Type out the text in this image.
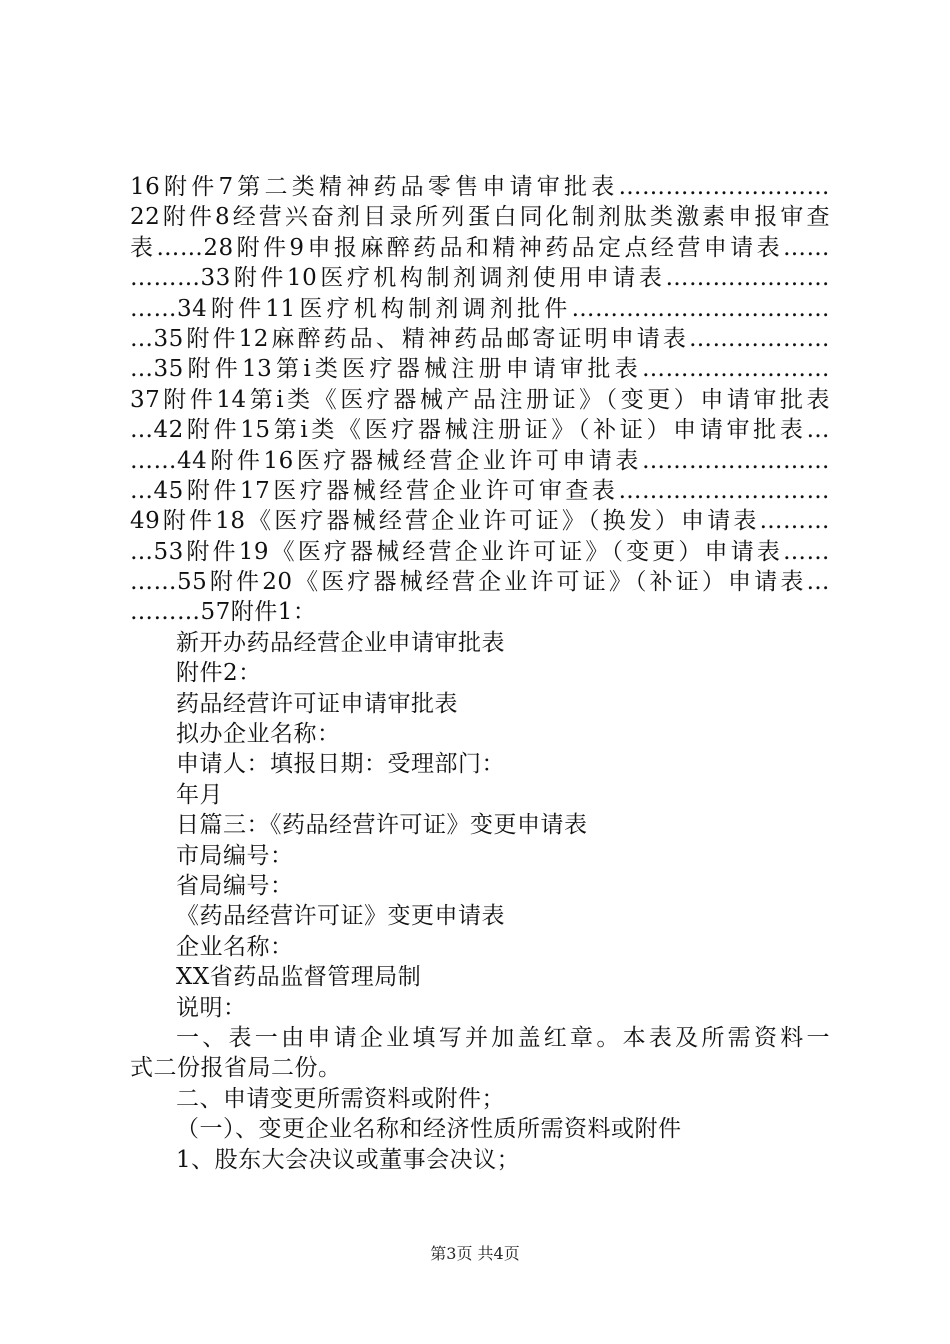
16附件7第二类精神药品零售申请审批表………………………
22附件8经营兴奋剂目录所列蛋白同化制剂肽类激素申报审查
表……28附件9申报麻醉药品和精神药品定点经营申请表……
………33附件10医疗机构制剂调剂使用申请表…………………
……34附件11医疗机构制剂调剂批件……………………………
…35附件12麻醉药品、精神药品邮寄证明申请表………………
…35附件13第ⅰ类医疗器械注册申请审批表……………………
37附件14第ⅰ类《医疗器械产品注册证》（变更）申请审批表
…42附件15第ⅰ类《医疗器械注册证》（补证）申请审批表…
……44附件16医疗器械经营企业许可申请表……………………
…45附件17医疗器械经营企业许可审查表………………………
49附件18《医疗器械经营企业许可证》（换发）申请表………
…53附件19《医疗器械经营企业许可证》（变更）申请表……
……55附件20《医疗器械经营企业许可证》（补证）申请表…
………57附件1：
新开办药品经营企业申请审批表
附件2：
药品经营许可证申请审批表
拟办企业名称：
申请人：填报日期：受理部门：
年月
日篇三：《药品经营许可证》变更申请表
市局编号：
省局编号：
《药品经营许可证》变更申请表
企业名称：
XX省药品监督管理局制
说明：
一、表一由申请企业填写并加盖红章。本表及所需资料一
式二份报省局二份。
二、申请变更所需资料或附件；
（一）、变更企业名称和经济性质所需资料或附件
1、股东大会决议或董事会决议；
第3页 共4页
